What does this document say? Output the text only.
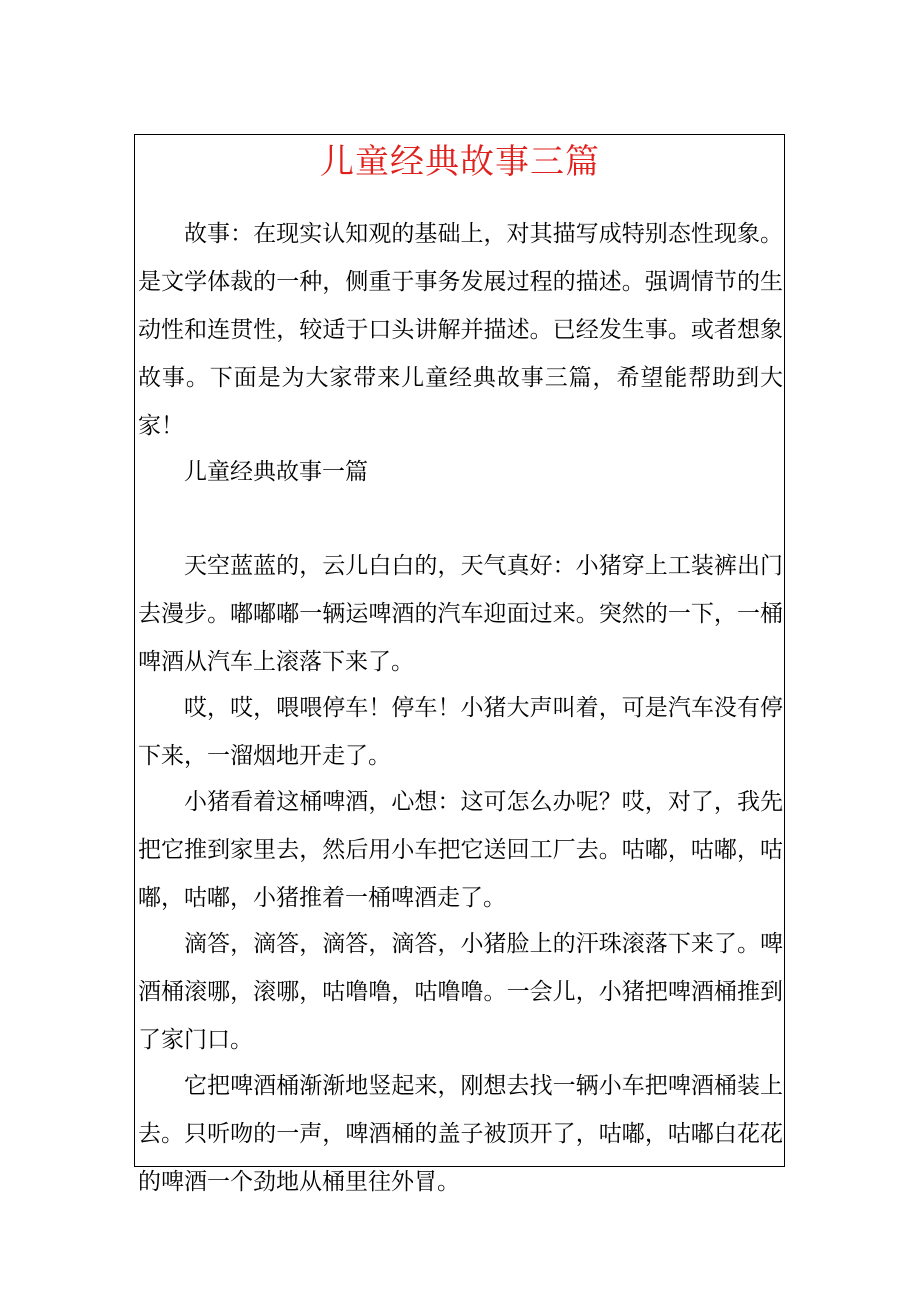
儿童经典故事三篇

故事：在现实认知观的基础上，对其描写成特别态性现象。是文学体裁的一种，侧重于事务发展过程的描述。强调情节的生动性和连贯性，较适于口头讲解并描述。已经发生事。或者想象故事。下面是为大家带来儿童经典故事三篇，希望能帮助到大家！

儿童经典故事一篇

天空蓝蓝的，云儿白白的，天气真好：小猪穿上工装裤出门去漫步。嘟嘟嘟一辆运啤酒的汽车迎面过来。突然的一下，一桶啤酒从汽车上滚落下来了。

哎，哎，喂喂停车！停车！小猪大声叫着，可是汽车没有停下来，一溜烟地开走了。

小猪看着这桶啤酒，心想：这可怎么办呢？哎，对了，我先把它推到家里去，然后用小车把它送回工厂去。咕嘟，咕嘟，咕嘟，咕嘟，小猪推着一桶啤酒走了。

滴答，滴答，滴答，滴答，小猪脸上的汗珠滚落下来了。啤酒桶滚哪，滚哪，咕噜噜，咕噜噜。一会儿，小猪把啤酒桶推到了家门口。

它把啤酒桶渐渐地竖起来，刚想去找一辆小车把啤酒桶装上去。只听吻的一声，啤酒桶的盖子被顶开了，咕嘟，咕嘟白花花的啤酒一个劲地从桶里往外冒。
